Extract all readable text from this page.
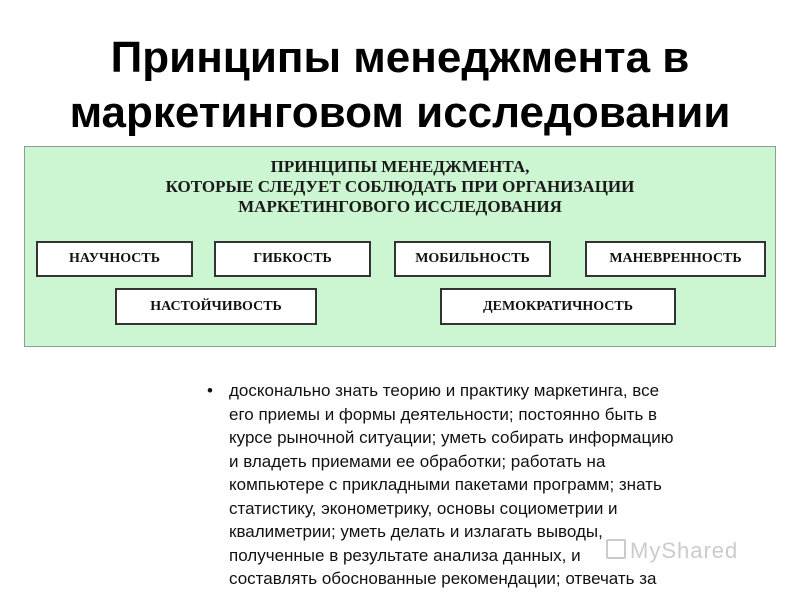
Принципы менеджмента в
маркетинговом исследовании
ПРИНЦИПЫ МЕНЕДЖМЕНТА,
КОТОРЫЕ СЛЕДУЕТ СОБЛЮДАТЬ ПРИ ОРГАНИЗАЦИИ
МАРКЕТИНГОВОГО ИССЛЕДОВАНИЯ
НАУЧНОСТЬ	ГИБКОСТЬ	МОБИЛЬНОСТЬ	МАНЕВРЕННОСТЬ
НАСТОЙЧИВОСТЬ	ДЕМОКРАТИЧНОСТЬ
• досконально знать теорию и практику маркетинга, все
его приемы и формы деятельности; постоянно быть в
курсе рыночной ситуации; уметь собирать информацию
и владеть приемами ее обработки; работать на
компьютере с прикладными пакетами программ; знать
статистику, эконометрику, основы социометрии и
квалиметрии; уметь делать и излагать выводы,
полученные в результате анализа данных, и
составлять обоснованные рекомендации; отвечать за
MyShared
